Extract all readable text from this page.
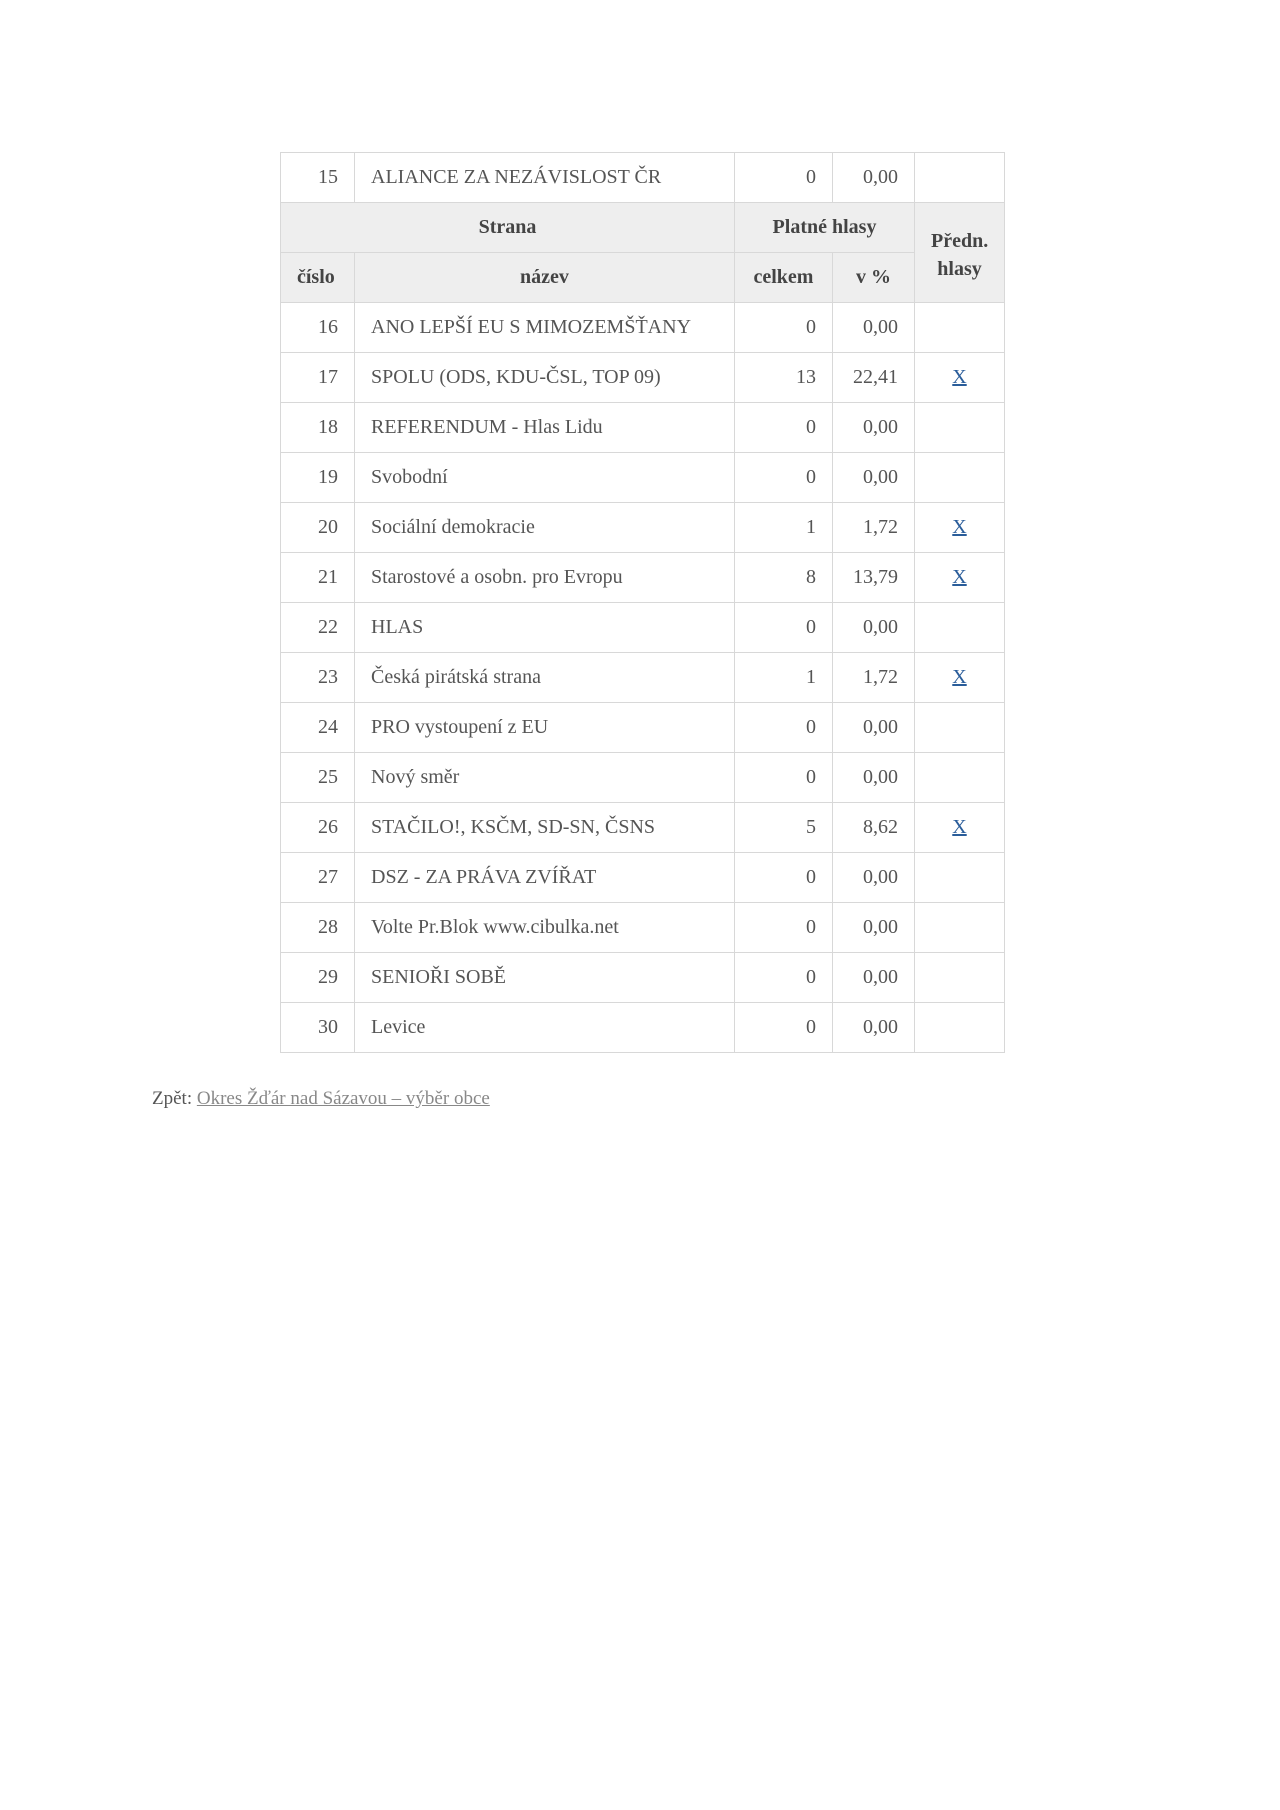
15	ALIANCE ZA NEZÁVISLOST ČR	0	0,00	
Strana		Platné hlasy		Předn.
hlasy
číslo	název	celkem	v %	
16	ANO LEPŠÍ EU S MIMOZEMŠŤANY	0	0,00	
17	SPOLU (ODS, KDU-ČSL, TOP 09)	13	22,41	X
18	REFERENDUM - Hlas Lidu	0	0,00	
19	Svobodní	0	0,00	
20	Sociální demokracie	1	1,72	X
21	Starostové a osobn. pro Evropu	8	13,79	X
22	HLAS	0	0,00	
23	Česká pirátská strana	1	1,72	X
24	PRO vystoupení z EU	0	0,00	
25	Nový směr	0	0,00	
26	STAČILO!, KSČM, SD-SN, ČSNS	5	8,62	X
27	DSZ - ZA PRÁVA ZVÍŘAT	0	0,00	
28	Volte Pr.Blok www.cibulka.net	0	0,00	
29	SENIOŘI SOBĚ	0	0,00	
30	Levice	0	0,00	
Zpět: Okres Žďár nad Sázavou – výběr obce
